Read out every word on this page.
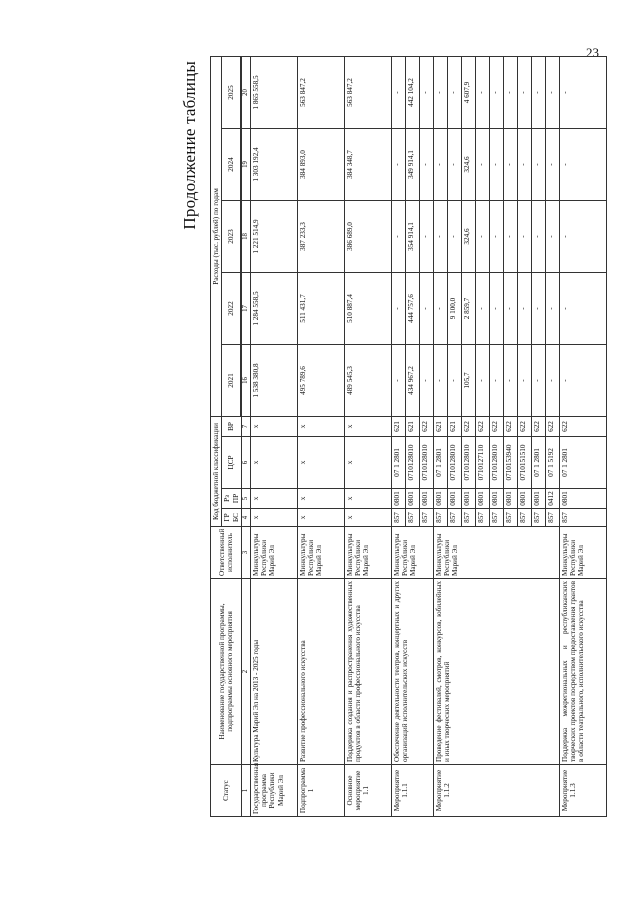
23
Продолжение таблицы
Статус	Наименование государственной программы, подпрограммы основного мероприятия	Ответственный исполнитель	Код бюджетной классификации				Расходы (тыс. рублей) по годам				
			ГР БС	Рз ПР	ЦСР	ВР	2021	2022	2023	2024	2025

1	2	3	4	5	6	7	16	17	18	19	20
Государственная программа Республики Марий Эл	Культура Марий Эл на 2013 - 2025 годы	Минкультуры Республики Марий Эл	х	х	х	х	1 538 380,8	1 284 558,5	1 221 514,9	1 303 192,4	1 865 558,5
Подпрограмма 1	Развитие профессионального искусства	Минкультуры Республики Марий Эл	х	х	х	х	495 789,6	511 431,7	387 233,3	384 893,0	563 847,2
Основное мероприятие 1.1	Поддержка создания и распространения художественных продуктов в области профессионального искусства	Минкультуры Республики Марий Эл	х	х	х	х	489 545,3	510 887,4	386 689,0	384 348,7	563 847,2
Мероприятие 1.1.1	Обеспечение деятельности театров, концертных и других организаций исполнительских искусств	Минкультуры Республики Марий Эл	857	0801	07 1 2801	621	-	-	-	-	-
			857	0801	0710128010	621	434 967,2	444 757,6	354 914,1	349 914,1	442 104,2
			857	0801	0710128010	622	-	-	-	-	-
Мероприятие 1.1.2	Проведение фестивалей, смотров, конкурсов, юбилейных и иных творческих мероприятий	Минкультуры Республики Марий Эл	857	0801	07 1 2801	621	-	-	-	-	-
			857	0801	0710128010	621	-	9 100,0	-	-	-
			857	0801	0710128010	622	105,7	2 859,7	324,6	324,6	4 607,9
			857	0801	0710127110	622	-	-	-	-	-
			857	0801	0710128010	622	-	-	-	-	-
			857	0801	0710153940	622	-	-	-	-	-
			857	0801	0710151510	622	-	-	-	-	-
			857	0801	07 1 2801	622	-	-	-	-	-
			857	0412	07 1 5192	622	-	-	-	-	-
Мероприятие 1.1.3	Поддержка межрегиональных и республиканских творческих проектов посредством предоставления грантов в области театрального, исполнительского искусства	Минкультуры Республики Марий Эл	857	0801	07 1 2801	622	-	-	-	-	-
